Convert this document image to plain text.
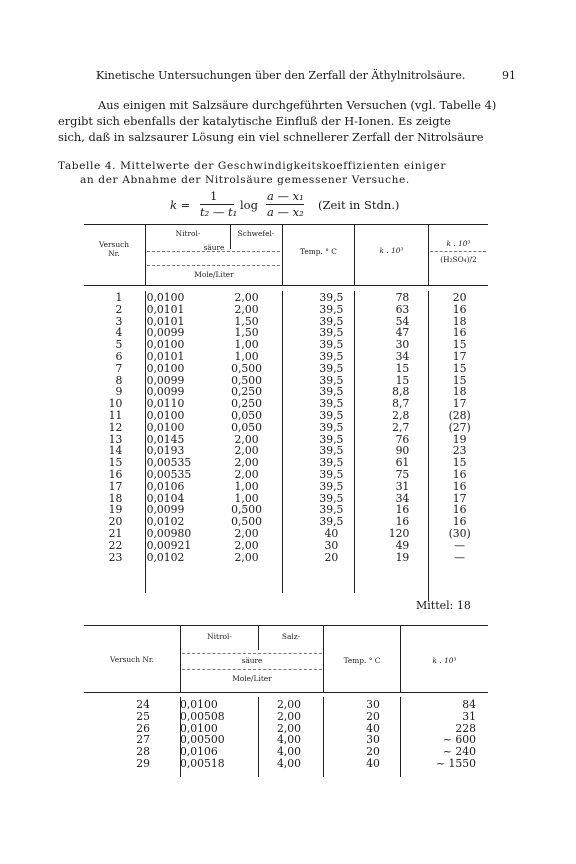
Kinetische Untersuchungen über den Zerfall der Äthylnitrolsäure.	91
Aus einigen mit Salzsäure durchgeführten Versuchen (vgl. Tabelle 4)
ergibt sich ebenfalls der katalytische Einfluß der H-Ionen. Es zeigte
sich, daß in salzsaurer Lösung ein viel schnellerer Zerfall der Nitrolsäure
Tabelle 4. Mittelwerte der Geschwindigkeitskoeffizienten einiger
an der Abnahme der Nitrolsäure gemessener Versuche.
k =
1
t₂ — t₁ log
a — x₁
a — x₂ (Zeit in Stdn.)
Versuch
Nr.
Nitrol-	Schwefel-
säure
Mole/Liter
Temp. ° C	k . 10³
k . 10³
(H₂SO₄)/2
1		0,0100	2,00	39,5	78	20
2		0,0101	2,00	39,5	63	16
3		0,0101	1,50	39,5	54	18
4		0,0099	1,50	39,5	47	16
5		0,0100	1,00	39,5	30	15
6		0,0101	1,00	39,5	34	17
7		0,0100	0,500	39,5	15	15
8		0,0099	0,500	39,5	15	15
9		0,0099	0,250	39,5	8,8	18
10		0,0110	0,250	39,5	8,7	17
11		0,0100	0,050	39,5	2,8	(28)
12		0,0100	0,050	39,5	2,7	(27)
13		0,0145	2,00	39,5	76	19
14		0,0193	2,00	39,5	90	23
15		0,00535	2,00	39,5	61	15
16		0,00535	2,00	39,5	75	16
17		0,0106	1,00	39,5	31	16
18		0,0104	1,00	39,5	34	17
19		0,0099	0,500	39,5	16	16
20		0,0102	0,500	39,5	16	16
21		0,00980	2,00	40	120	(30)
22		0,00921	2,00	30	49	—
23		0,0102	2,00	20	19	—
Mittel: 18
Versuch Nr.
Nitrol-	Salz-
säure
Mole/Liter
Temp. ° C	k . 10³
24		0,0100	2,00	30	84
25		0,00508	2,00	20	31
26		0,0100	2,00	40	228
27		0,00500	4,00	30	~ 600
28		0,0106	4,00	20	~ 240
29		0,00518	4,00	40	~ 1550
